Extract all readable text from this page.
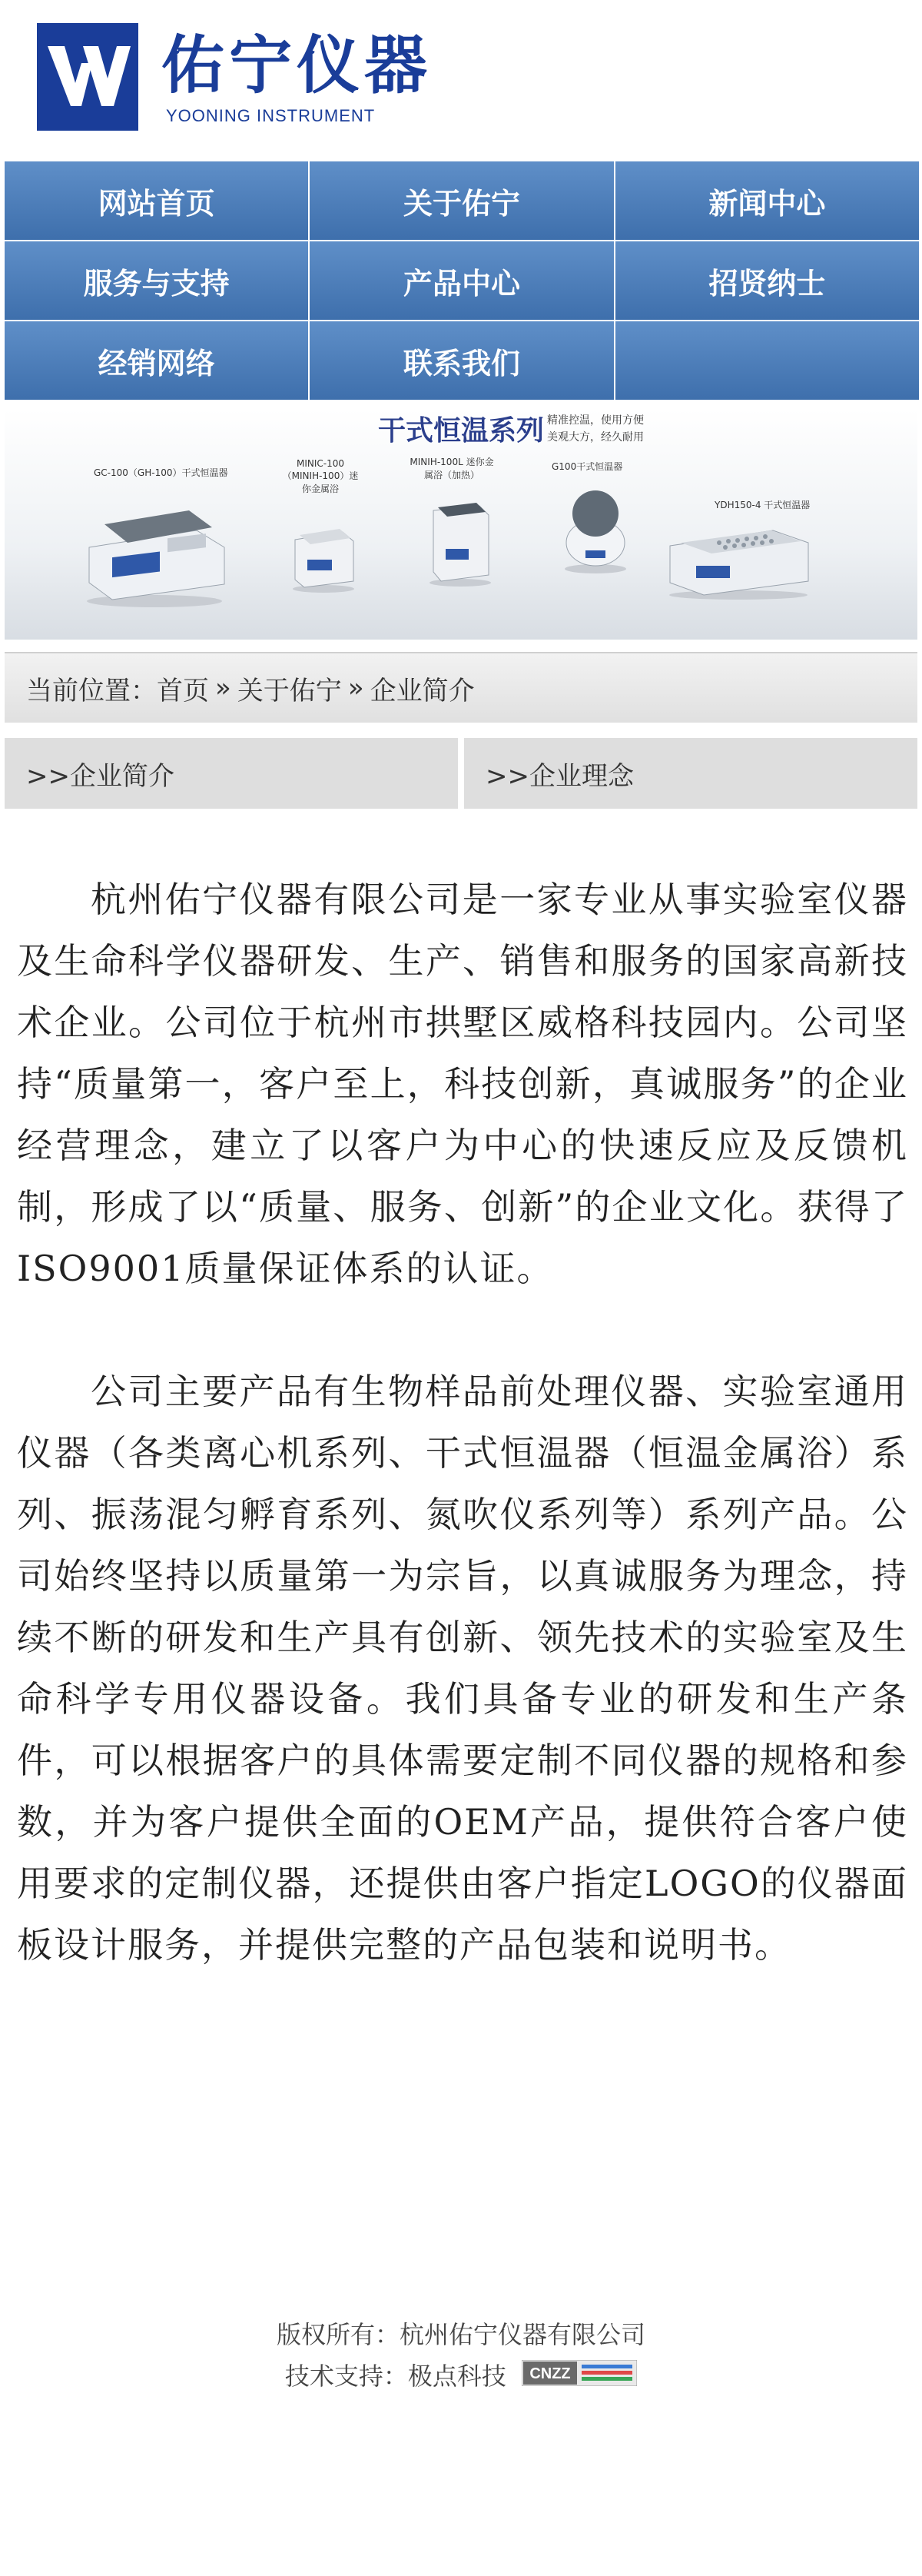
佑宁仪器
YOONING INSTRUMENT
网站首页	关于佑宁	新闻中心
服务与支持	产品中心	招贤纳士
经销网络	联系我们
干式恒温系列 精准控温，使用方便
美观大方，经久耐用
GC-100（GH-100）干式恒温器
MINIC-100（MINIH-100）迷你金属浴
MINIH-100L 迷你金属浴（加热）
G100干式恒温器
YDH150-4 干式恒温器
当前位置： 首页 » 关于佑宁 » 企业简介
>>企业简介	>>企业理念

杭州佑宁仪器有限公司是一家专业从事实验室仪器及生命科学仪器研发、生产、销售和服务的国家高新技术企业。公司位于杭州市拱墅区威格科技园内。公司坚持“质量第一，客户至上，科技创新，真诚服务”的企业经营理念，建立了以客户为中心的快速反应及反馈机制，形成了以“质量、服务、创新”的企业文化。获得了ISO9001质量保证体系的认证。

公司主要产品有生物样品前处理仪器、实验室通用仪器（各类离心机系列、干式恒温器（恒温金属浴）系列、振荡混匀孵育系列、氮吹仪系列等）系列产品。公司始终坚持以质量第一为宗旨，以真诚服务为理念，持续不断的研发和生产具有创新、领先技术的实验室及生命科学专用仪器设备。我们具备专业的研发和生产条件，可以根据客户的具体需要定制不同仪器的规格和参数，并为客户提供全面的OEM产品，提供符合客户使用要求的定制仪器，还提供由客户指定LOGO的仪器面板设计服务，并提供完整的产品包装和说明书。

版权所有：杭州佑宁仪器有限公司
技术支持：极点科技 CNZZ
